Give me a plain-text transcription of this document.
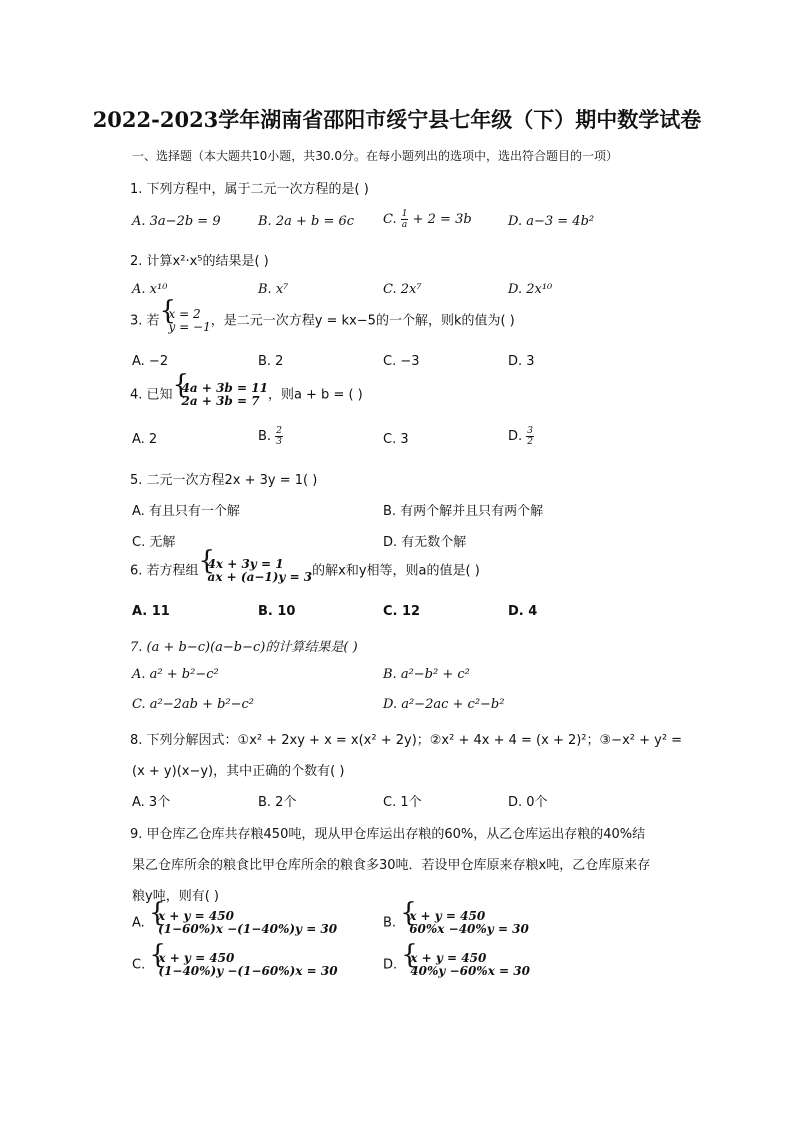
2022-2023学年湖南省邵阳市绥宁县七年级（下）期中数学试卷
一、选择题（本大题共10小题，共30.0分。在每小题列出的选项中，选出符合题目的一项）
1. 下列方程中，属于二元一次方程的是( )
A. 3a−2b = 9	B. 2a + b = 6c C. $\frac{1}{a} + 2 = 3b$	D. a−3 = 4b²
2. 计算x²·x⁵的结果是( )
A. x¹⁰	B. x⁷	C. 2x⁷	D. 2x¹⁰
3. 若 { x = 2
y = −1 ，是二元一次方程y = kx−5的一个解，则k的值为( )
A. −2	B. 2	C. −3	D. 3
4. 已知 { 4a + 3b = 11
2a + 3b = 7 ，则a + b = ( )
A. 2	B. $\frac{2}{3}$	C. 3	D. $\frac{3}{2}$
5. 二元一次方程2x + 3y = 1( )
A. 有且只有一个解	B. 有两个解并且只有两个解
C. 无解	D. 有无数个解
6. 若方程组 { 4x + 3y = 1
ax + (a−1)y = 3 的解x和y相等，则a的值是( )
A. 11	B. 10	C. 12	D. 4
7. (a + b−c)(a−b−c)的计算结果是( )
A. a² + b²−c²	B. a²−b² + c²
C. a²−2ab + b²−c²	D. a²−2ac + c²−b²
8. 下列分解因式：①x² + 2xy + x = x(x² + 2y)；②x² + 4x + 4 = (x + 2)²；③−x² + y² =
(x + y)(x−y)，其中正确的个数有( )
A. 3个	B. 2个	C. 1个	D. 0个
9. 甲仓库乙仓库共存粮450吨，现从甲仓库运出存粮的60%，从乙仓库运出存粮的40%结
果乙仓库所余的粮食比甲仓库所余的粮食多30吨．若设甲仓库原来存粮x吨，乙仓库原来存
粮y吨，则有( )
A. { x + y = 450
(1−60%)x −(1−40%)y = 30	B. { x + y = 450
60%x −40%y = 30
C. { x + y = 450
(1−40%)y −(1−60%)x = 30	D. { x + y = 450
40%y −60%x = 30
